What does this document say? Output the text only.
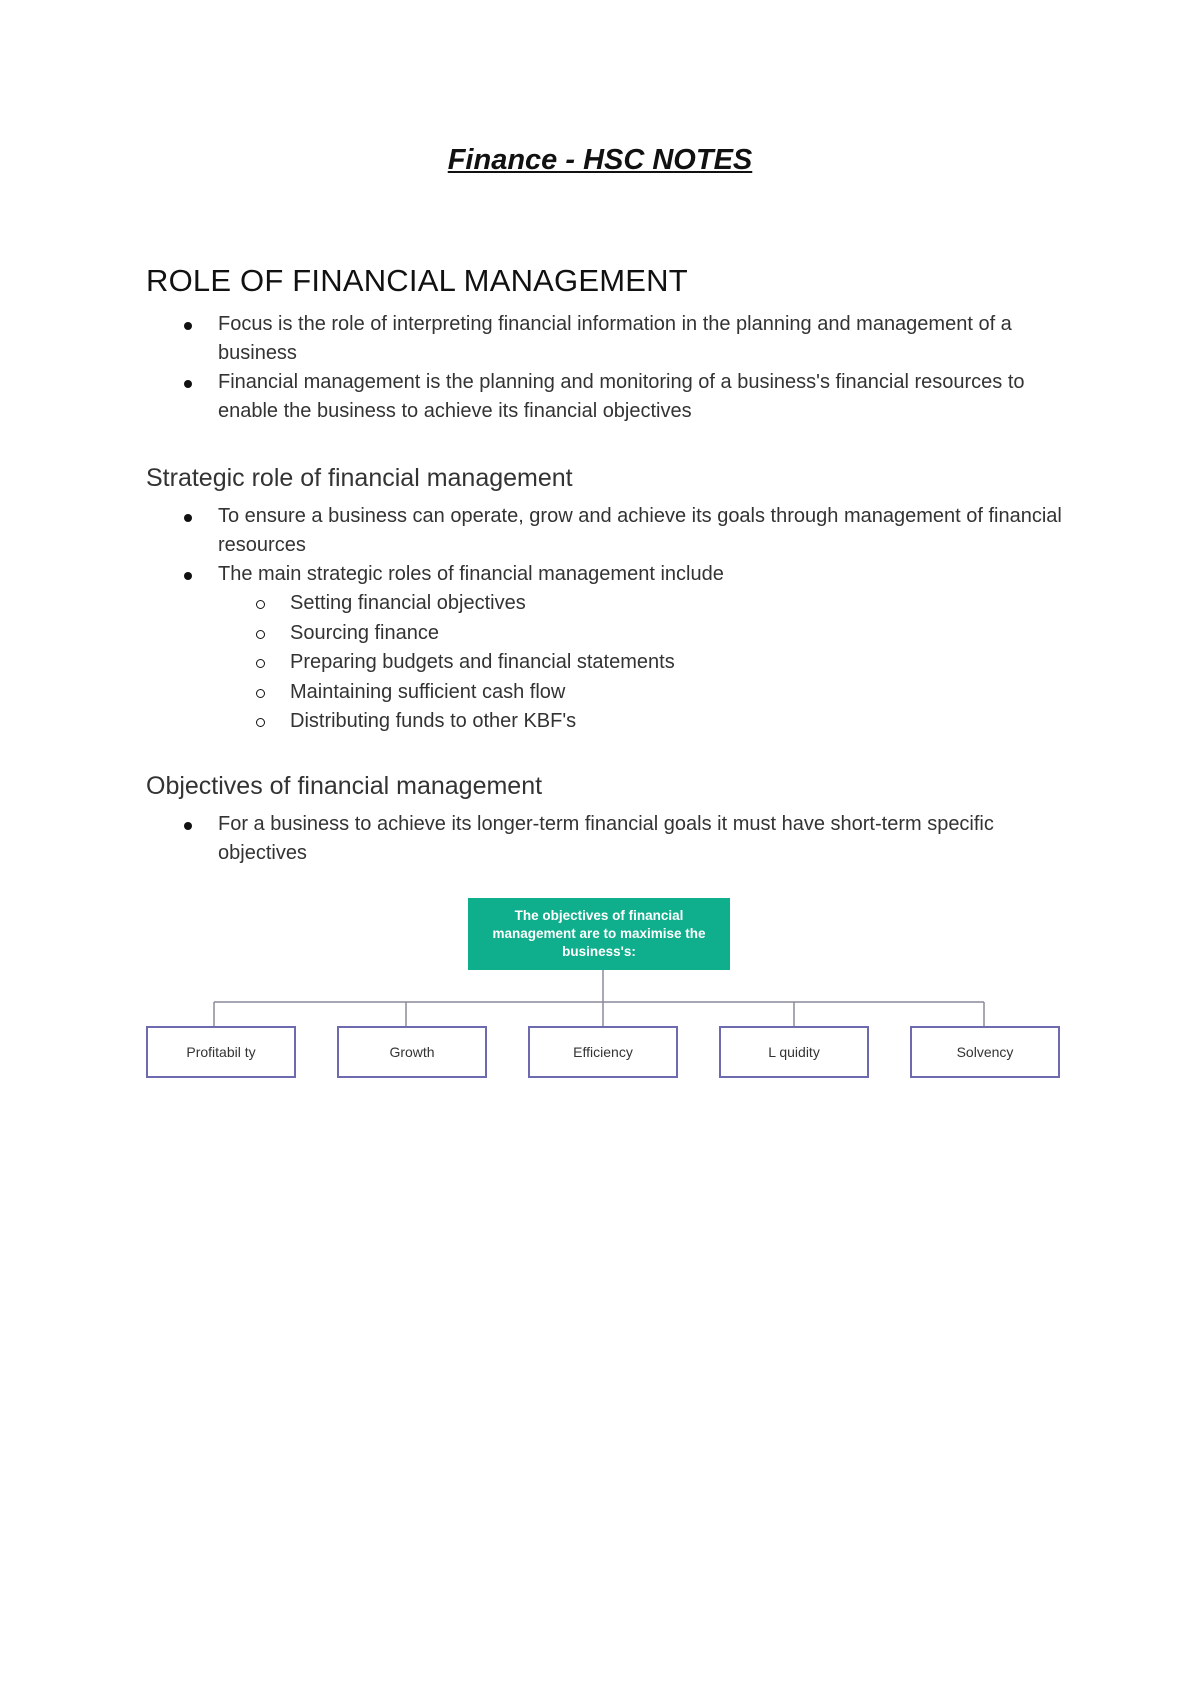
Finance - HSC NOTES
ROLE OF FINANCIAL MANAGEMENT
Focus is the role of interpreting financial information in the planning and management of a business
Financial management is the planning and monitoring of a business's financial resources to enable the business to achieve its financial objectives
Strategic role of financial management
To ensure a business can operate, grow and achieve its goals through management of financial resources
The main strategic roles of financial management include
Setting financial objectives
Sourcing finance
Preparing budgets and financial statements
Maintaining sufficient cash flow
Distributing funds to other KBF's
Objectives of financial management
For a business to achieve its longer-term financial goals it must have short-term specific objectives
The objectives of financial management are to maximise the business's:
Profitabil ty	Growth	Efficiency	L quidity	Solvency
